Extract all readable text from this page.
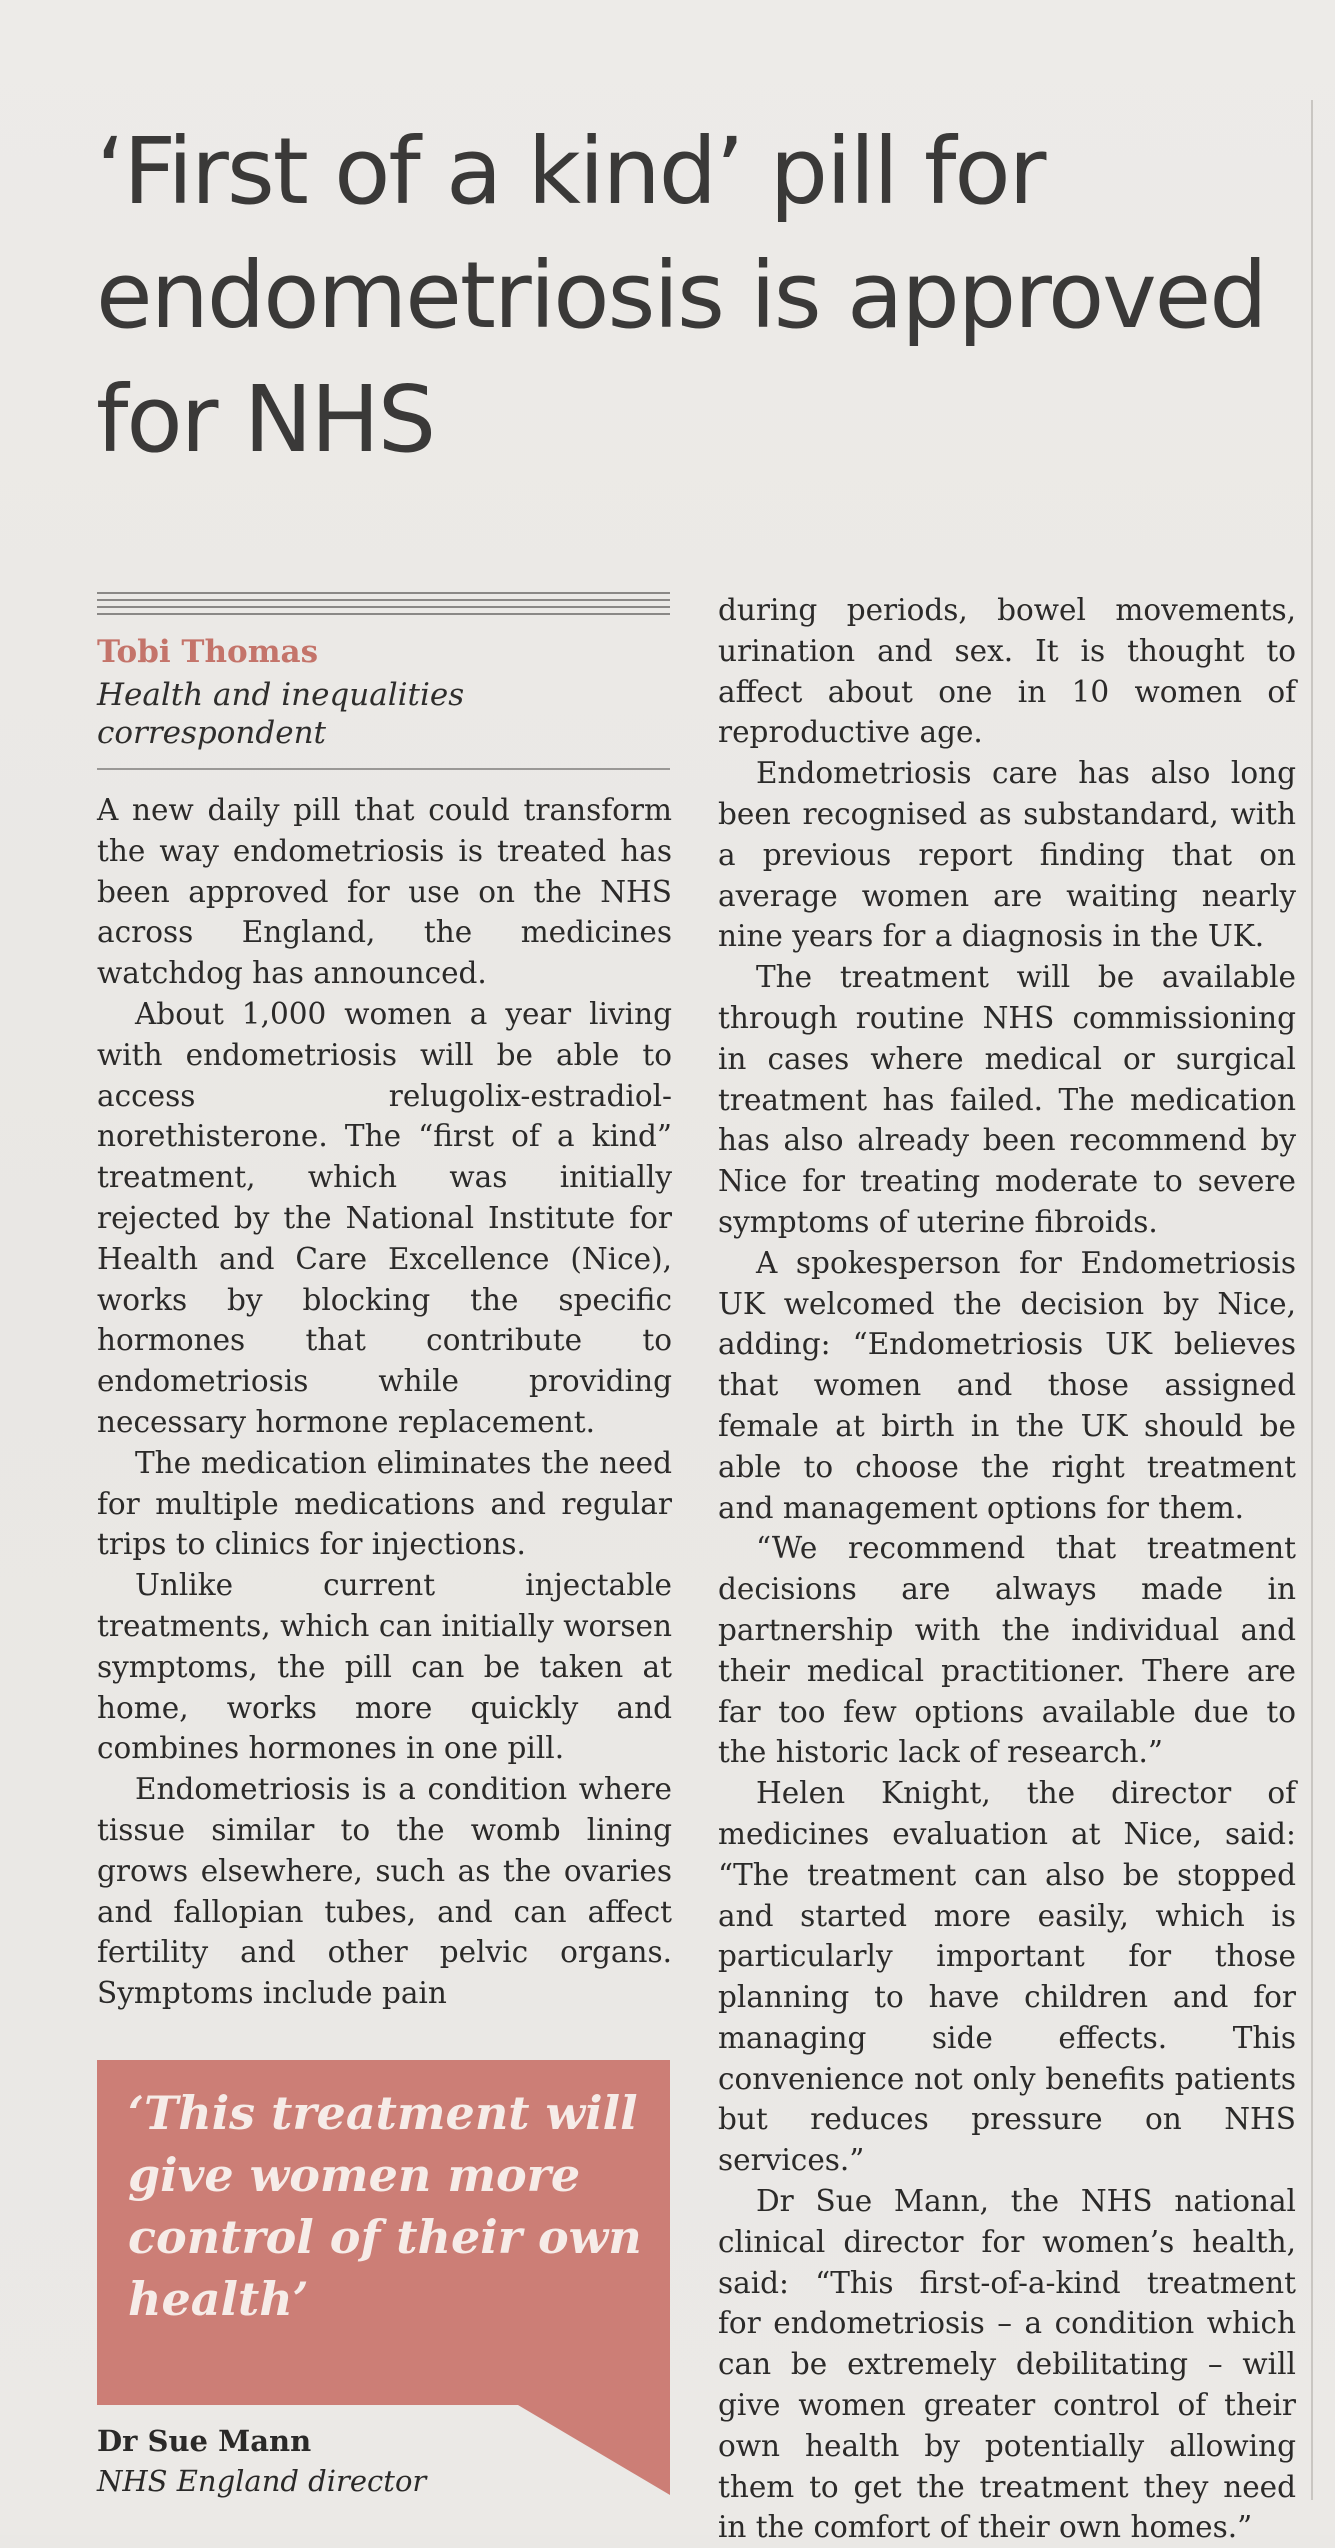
‘First of a kind’ pill for endometriosis is approved for NHS

Tobi Thomas

Health and inequalities correspondent

A new daily pill that could transform the way endometriosis is treated has been approved for use on the NHS across England, the medicines watchdog has announced.

About 1,000 women a year living with endometriosis will be able to access relugolix-estradiol-norethisterone. The “first of a kind” treatment, which was initially rejected by the National Institute for Health and Care Excellence (Nice), works by blocking the specific hormones that contribute to endometriosis while providing necessary hormone replacement.

The medication eliminates the need for multiple medications and regular trips to clinics for injections.

Unlike current injectable treatments, which can initially worsen symptoms, the pill can be taken at home, works more quickly and combines hormones in one pill.

Endometriosis is a condition where tissue similar to the womb lining grows elsewhere, such as the ovaries and fallopian tubes, and can affect fertility and other pelvic organs. Symptoms include pain

during periods, bowel movements, urination and sex. It is thought to affect about one in 10 women of reproductive age.

Endometriosis care has also long been recognised as substandard, with a previous report finding that on average women are waiting nearly nine years for a diagnosis in the UK.

The treatment will be available through routine NHS commissioning in cases where medical or surgical treatment has failed. The medication has also already been recommend by Nice for treating moderate to severe symptoms of uterine fibroids.

A spokesperson for Endometriosis UK welcomed the decision by Nice, adding: “Endometriosis UK believes that women and those assigned female at birth in the UK should be able to choose the right treatment and management options for them.

“We recommend that treatment decisions are always made in partnership with the individual and their medical practitioner. There are far too few options available due to the historic lack of research.”

Helen Knight, the director of medicines evaluation at Nice, said: “The treatment can also be stopped and started more easily, which is particularly important for those planning to have children and for managing side effects. This convenience not only benefits patients but reduces pressure on NHS services.”

Dr Sue Mann, the NHS national clinical director for women’s health, said: “This first-of-a-kind treatment for endometriosis – a condition which can be extremely debilitating – will give women greater control of their own health by potentially allowing them to get the treatment they need in the comfort of their own homes.”

‘This treatment will give women more control of their own health’
Dr Sue Mann
NHS England director
